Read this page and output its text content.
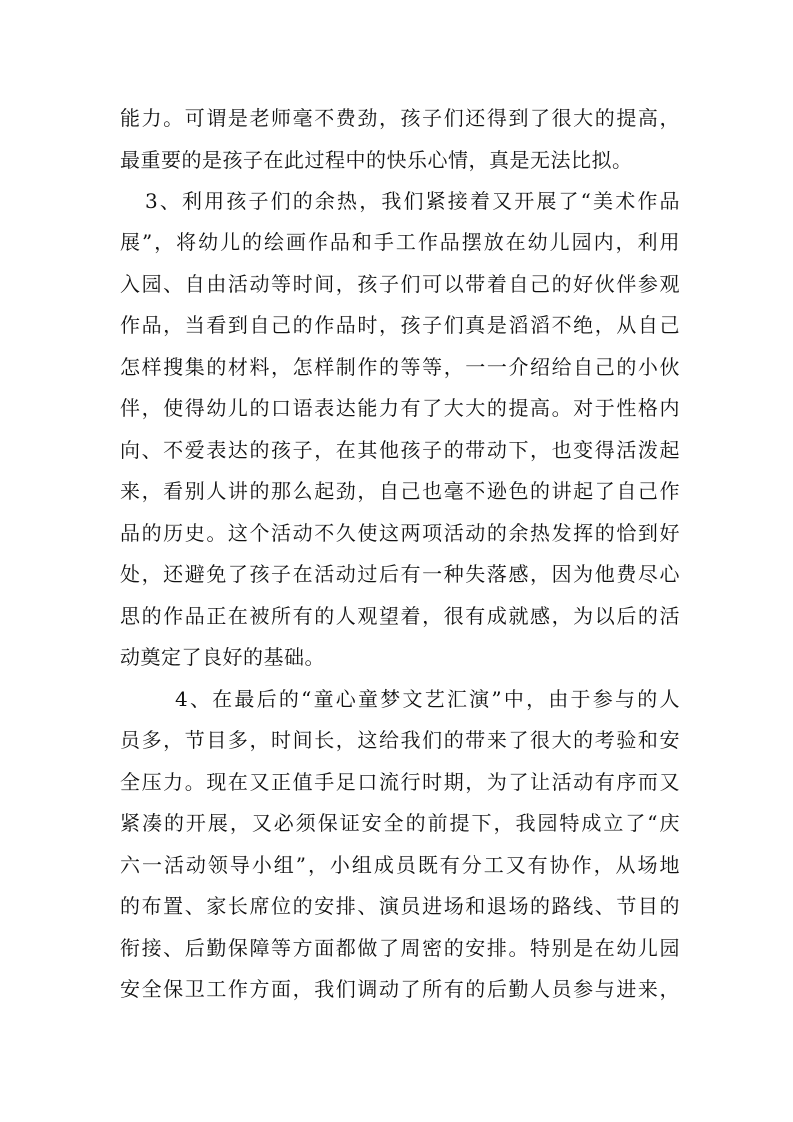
能力。可谓是老师毫不费劲，孩子们还得到了很大的提高，
最重要的是孩子在此过程中的快乐心情，真是无法比拟。
3、利用孩子们的余热，我们紧接着又开展了“美术作品
展”，将幼儿的绘画作品和手工作品摆放在幼儿园内，利用
入园、自由活动等时间，孩子们可以带着自己的好伙伴参观
作品，当看到自己的作品时，孩子们真是滔滔不绝，从自己
怎样搜集的材料，怎样制作的等等，一一介绍给自己的小伙
伴，使得幼儿的口语表达能力有了大大的提高。对于性格内
向、不爱表达的孩子，在其他孩子的带动下，也变得活泼起
来，看别人讲的那么起劲，自己也毫不逊色的讲起了自己作
品的历史。这个活动不久使这两项活动的余热发挥的恰到好
处，还避免了孩子在活动过后有一种失落感，因为他费尽心
思的作品正在被所有的人观望着，很有成就感，为以后的活
动奠定了良好的基础。
4、在最后的“童心童梦文艺汇演”中，由于参与的人
员多，节目多，时间长，这给我们的带来了很大的考验和安
全压力。现在又正值手足口流行时期，为了让活动有序而又
紧凑的开展，又必须保证安全的前提下，我园特成立了“庆
六一活动领导小组”，小组成员既有分工又有协作，从场地
的布置、家长席位的安排、演员进场和退场的路线、节目的
衔接、后勤保障等方面都做了周密的安排。特别是在幼儿园
安全保卫工作方面，我们调动了所有的后勤人员参与进来，
